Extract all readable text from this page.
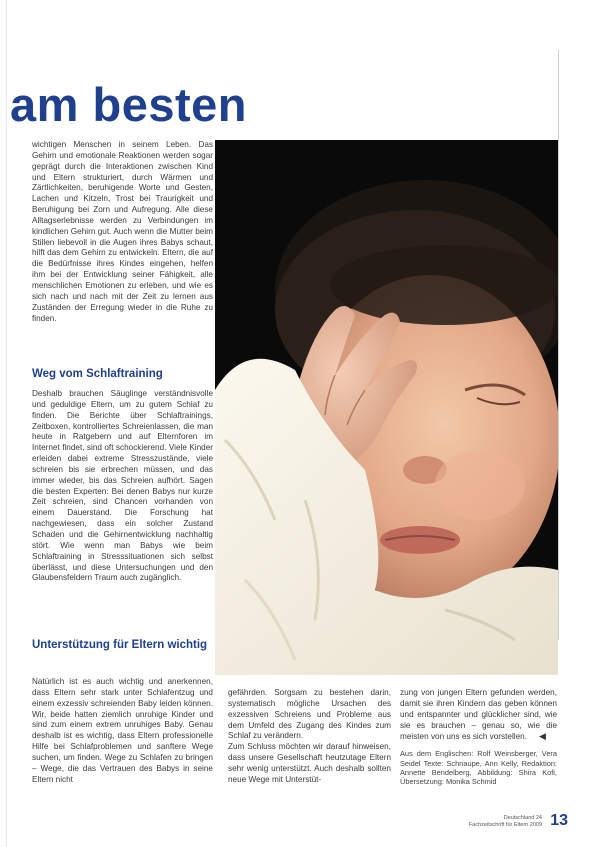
am besten

wichtigen Menschen in seinem Leben. Das Gehirn und emotionale Reaktionen werden sogar geprägt durch die Interaktionen zwischen Kind und Eltern strukturiert, durch Wärmen und Zärtlichkeiten, beruhigende Worte und Gesten, Lachen und Kitzeln, Trost bei Traurigkeit und Beruhigung bei Zorn und Aufregung. Alle diese Alltagserlebnisse werden zu Verbindungen im kindlichen Gehirn gut. Auch wenn die Mutter beim Stillen liebevoll in die Augen ihres Babys schaut, hilft das dem Gehirn zu entwickeln. Eltern, die auf die Bedürfnisse ihres Kindes eingehen, helfen ihm bei der Entwicklung seiner Fähigkeit, alle menschlichen Emotionen zu erleben, und wie es sich nach und nach mit der Zeit zu lernen aus Zuständen der Erregung wieder in die Ruhe zu finden.

Weg vom Schlaftraining

Deshalb brauchen Säuglinge verständnisvolle und geduldige Eltern, um zu gutem Schlaf zu finden. Die Berichte über Schlaftrainings, Zeitboxen, kontrolliertes Schreienlassen, die man heute in Ratgebern und auf Elternforen im Internet findet, sind oft schockierend. Viele Kinder erleiden dabei extreme Stresszustände, viele schreien bis sie erbrechen müssen, und das immer wieder, bis das Schreien aufhört. Sagen die besten Experten: Bei denen Babys nur kurze Zeit schreien, sind Chancen vorhanden von einem Dauerstand. Die Forschung hat nachgewiesen, dass ein solcher Zustand Schaden und die Gehirnentwicklung nachhaltig stört. Wie wenn man Babys wie beim Schlaftraining in Stresssituationen sich selbst überlässt, und diese Untersuchungen und den Glaubensfeldern Traum auch zugänglich.

Unterstützung für Eltern wichtig

Natürlich ist es auch wichtig und anerkennen, dass Eltern sehr stark unter Schlafentzug und einem exzessiv schreienden Baby leiden können. Wir, beide hatten ziemlich unruhige Kinder und sind zum einem extrem unruhiges Baby. Genau deshalb ist es wichtig, dass Eltern professionelle Hilfe bei Schlafproblemen und sanftere Wege suchen, um finden. Wege zu Schlafen zu bringen – Wege, die das Vertrauen des Babys in seine Eltern nicht

gefährden. Sorgsam zu bestehen darin, systematisch mögliche Ursachen des exzessiven Schreiens und Probleme aus dem Umfeld des Zugang des Kindes zum Schlaf zu verändern.

Zum Schluss möchten wir darauf hinweisen, dass unsere Gesellschaft heutzutage Eltern sehr wenig unterstützt. Auch deshalb sollten neue Wege mit Unterstüt-

zung von jungen Eltern gefunden werden, damit sie ihren Kindern das geben können und entspannter und glücklicher sind, wie sie es brauchen – genau so, wie die meisten von uns es sich vorstellen. ◀

Aus dem Englischen: Rolf Weinsberger, Vera Seidel Texte: Schnaupe, Ann Kelly, Redaktion: Annette Bendelberg, Abbildung: Shira Kofi, Übersetzung: Monika Schmid

Deutschland 24
Fachzeitschrift für Eltern 2009 13
